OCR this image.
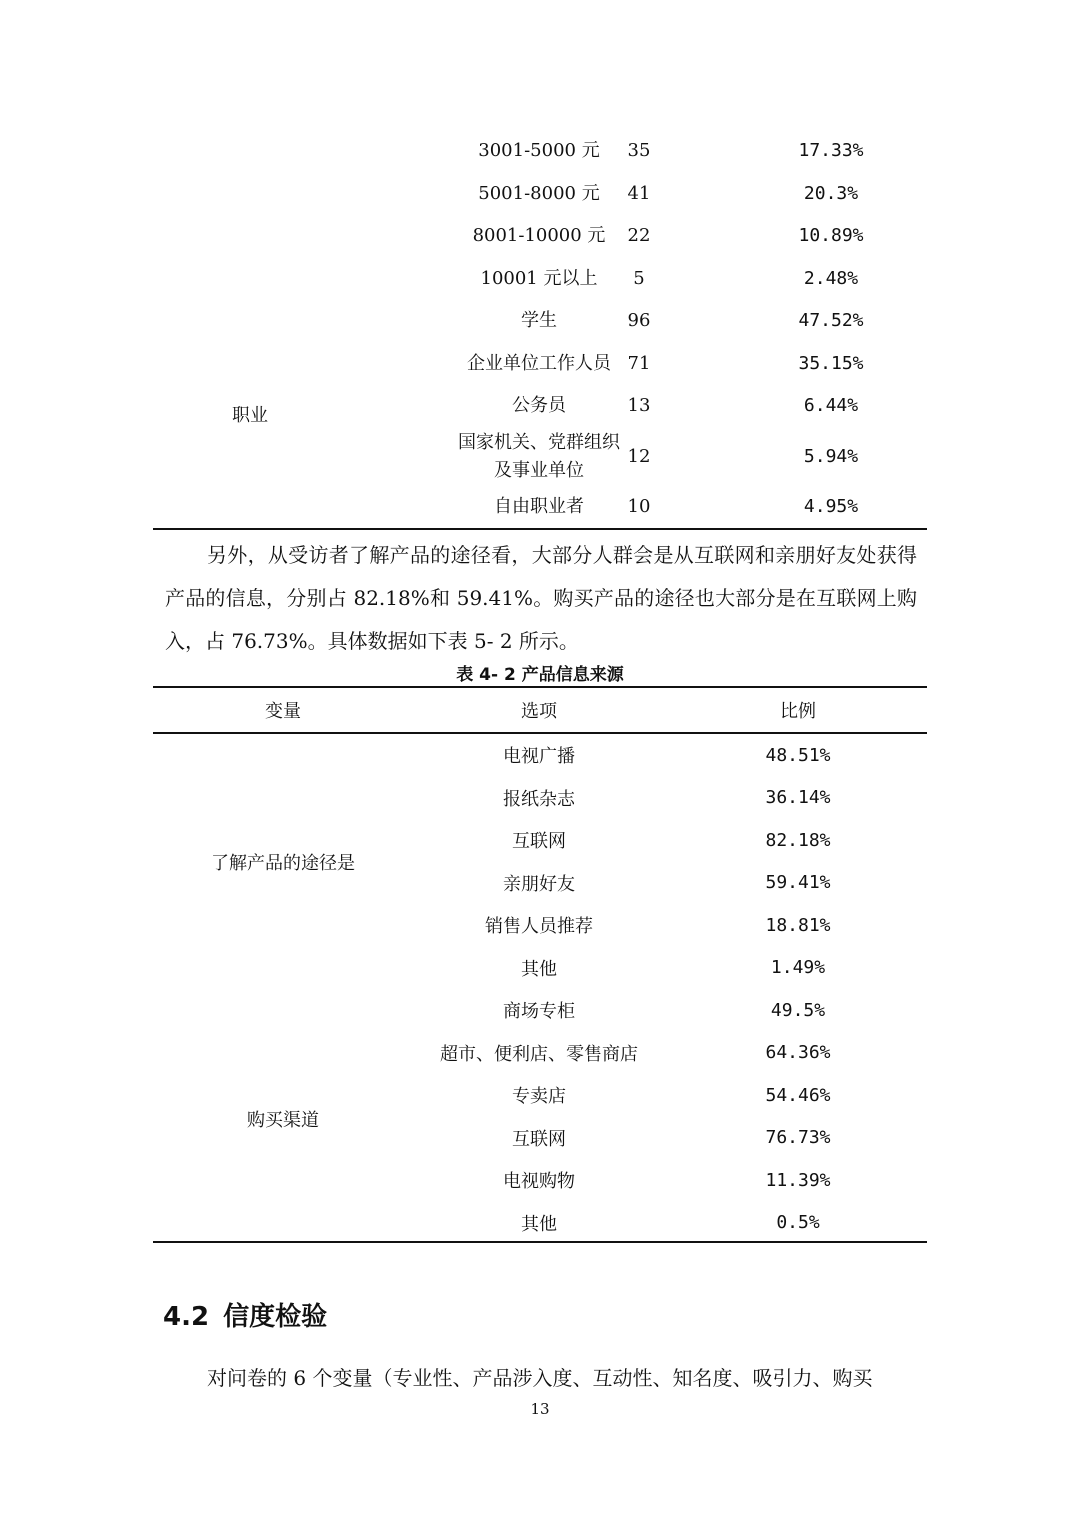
3001-5000 元	35	17.33%
5001-8000 元	41	20.3%
8001-10000 元	22	10.89%
10001 元以上	5	2.48%
学生	96	47.52%
企业单位工作人员 71	35.15%
公务员	13	6.44%
国家机关、党群组织
及事业单位
12	5.94%
自由职业者	10	4.95%
职业

另外，从受访者了解产品的途径看，大部分人群会是从互联网和亲朋好友处获得产品的信息，分别占 82.18%和 59.41%。购买产品的途径也大部分是在互联网上购入，占 76.73%。具体数据如下表 5- 2 所示。

表 4- 2 产品信息来源
变量	选项	比例
电视广播	48.51%
报纸杂志	36.14%
互联网	82.18%
亲朋好友	59.41%
销售人员推荐	18.81%
其他	1.49%
商场专柜	49.5%
超市、便利店、零售商店	64.36%
专卖店	54.46%
互联网	76.73%
电视购物	11.39%
其他	0.5%
了解产品的途径是
购买渠道
4.2 信度检验

对问卷的 6 个变量（专业性、产品涉入度、互动性、知名度、吸引力、购买

13
